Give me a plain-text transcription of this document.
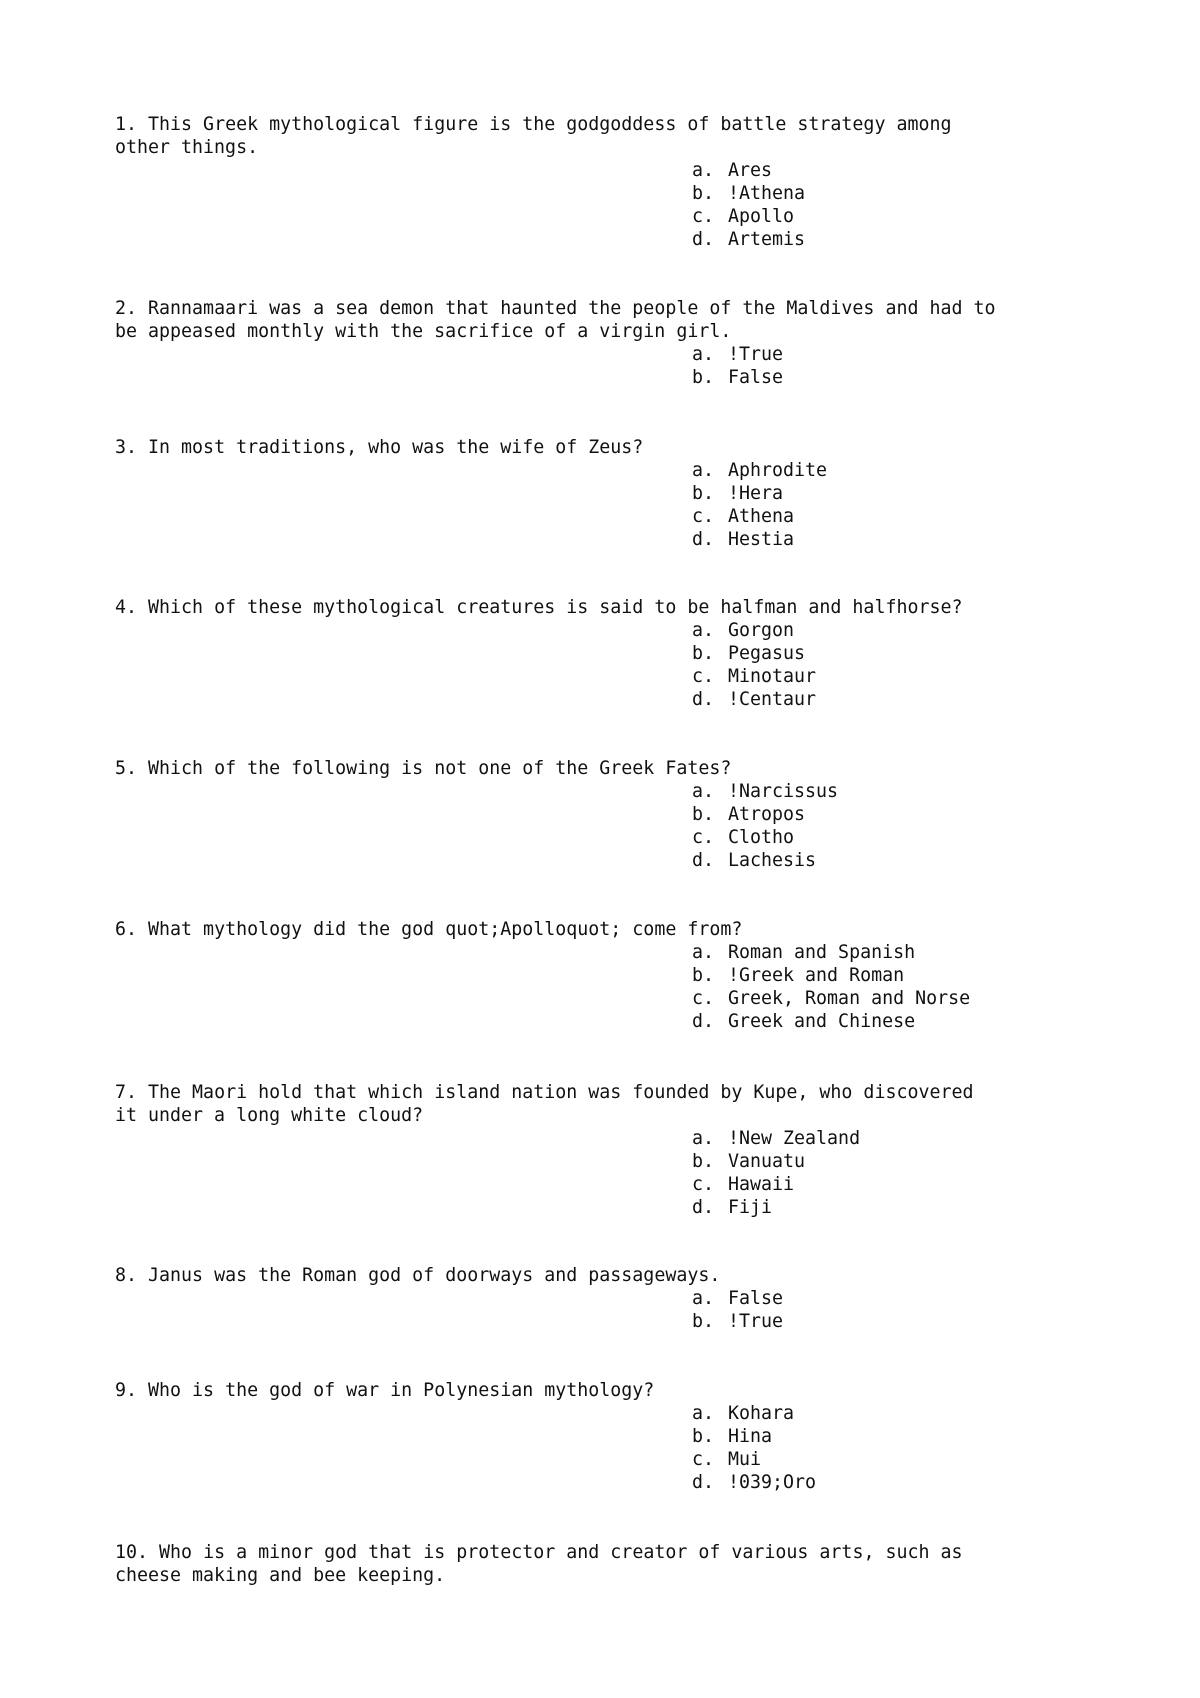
1. This Greek mythological figure is the godgoddess of battle strategy among
other things.
a. Ares
b. !Athena
c. Apollo
d. Artemis
2. Rannamaari was a sea demon that haunted the people of the Maldives and had to
be appeased monthly with the sacrifice of a virgin girl.
a. !True
b. False
3. In most traditions, who was the wife of Zeus?
a. Aphrodite
b. !Hera
c. Athena
d. Hestia
4. Which of these mythological creatures is said to be halfman and halfhorse?
a. Gorgon
b. Pegasus
c. Minotaur
d. !Centaur
5. Which of the following is not one of the Greek Fates?
a. !Narcissus
b. Atropos
c. Clotho
d. Lachesis
6. What mythology did the god quot;Apolloquot; come from?
a. Roman and Spanish
b. !Greek and Roman
c. Greek, Roman and Norse
d. Greek and Chinese
7. The Maori hold that which island nation was founded by Kupe, who discovered
it under a long white cloud?
a. !New Zealand
b. Vanuatu
c. Hawaii
d. Fiji
8. Janus was the Roman god of doorways and passageways.
a. False
b. !True
9. Who is the god of war in Polynesian mythology?
a. Kohara
b. Hina
c. Mui
d. !039;Oro
10. Who is a minor god that is protector and creator of various arts, such as
cheese making and bee keeping.
